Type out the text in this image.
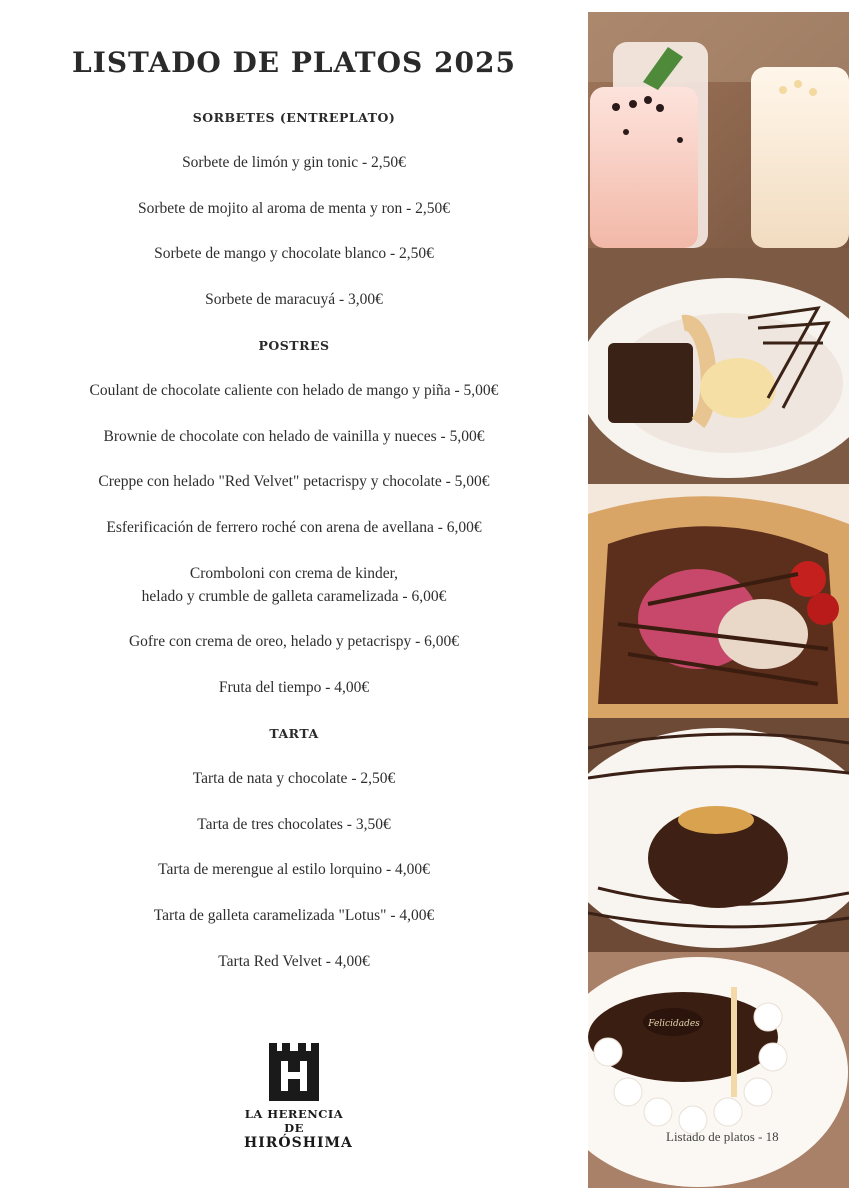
LISTADO DE PLATOS 2025
SORBETES (ENTREPLATO)
Sorbete de limón y gin tonic - 2,50€
Sorbete de mojito al aroma de menta y ron - 2,50€
Sorbete de mango y chocolate blanco - 2,50€
Sorbete de maracuyá - 3,00€
POSTRES
Coulant de chocolate caliente con helado de mango y piña - 5,00€
Brownie de chocolate con helado de vainilla y nueces - 5,00€
Creppe con helado "Red Velvet" petacrispy y chocolate - 5,00€
Esferificación de ferrero roché con arena de avellana - 6,00€
Cromboloni con crema de kinder,
helado y crumble de galleta caramelizada - 6,00€
Gofre con crema de oreo, helado y petacrispy - 6,00€
Fruta del tiempo - 4,00€
TARTA
Tarta de nata y chocolate - 2,50€
Tarta de tres chocolates - 3,50€
Tarta de merengue al estilo lorquino - 4,00€
Tarta de galleta caramelizada "Lotus" - 4,00€
Tarta Red Velvet - 4,00€
LA HERENCIA DE
HIRÓSHIMA
Felicidades
Listado de platos - 18
